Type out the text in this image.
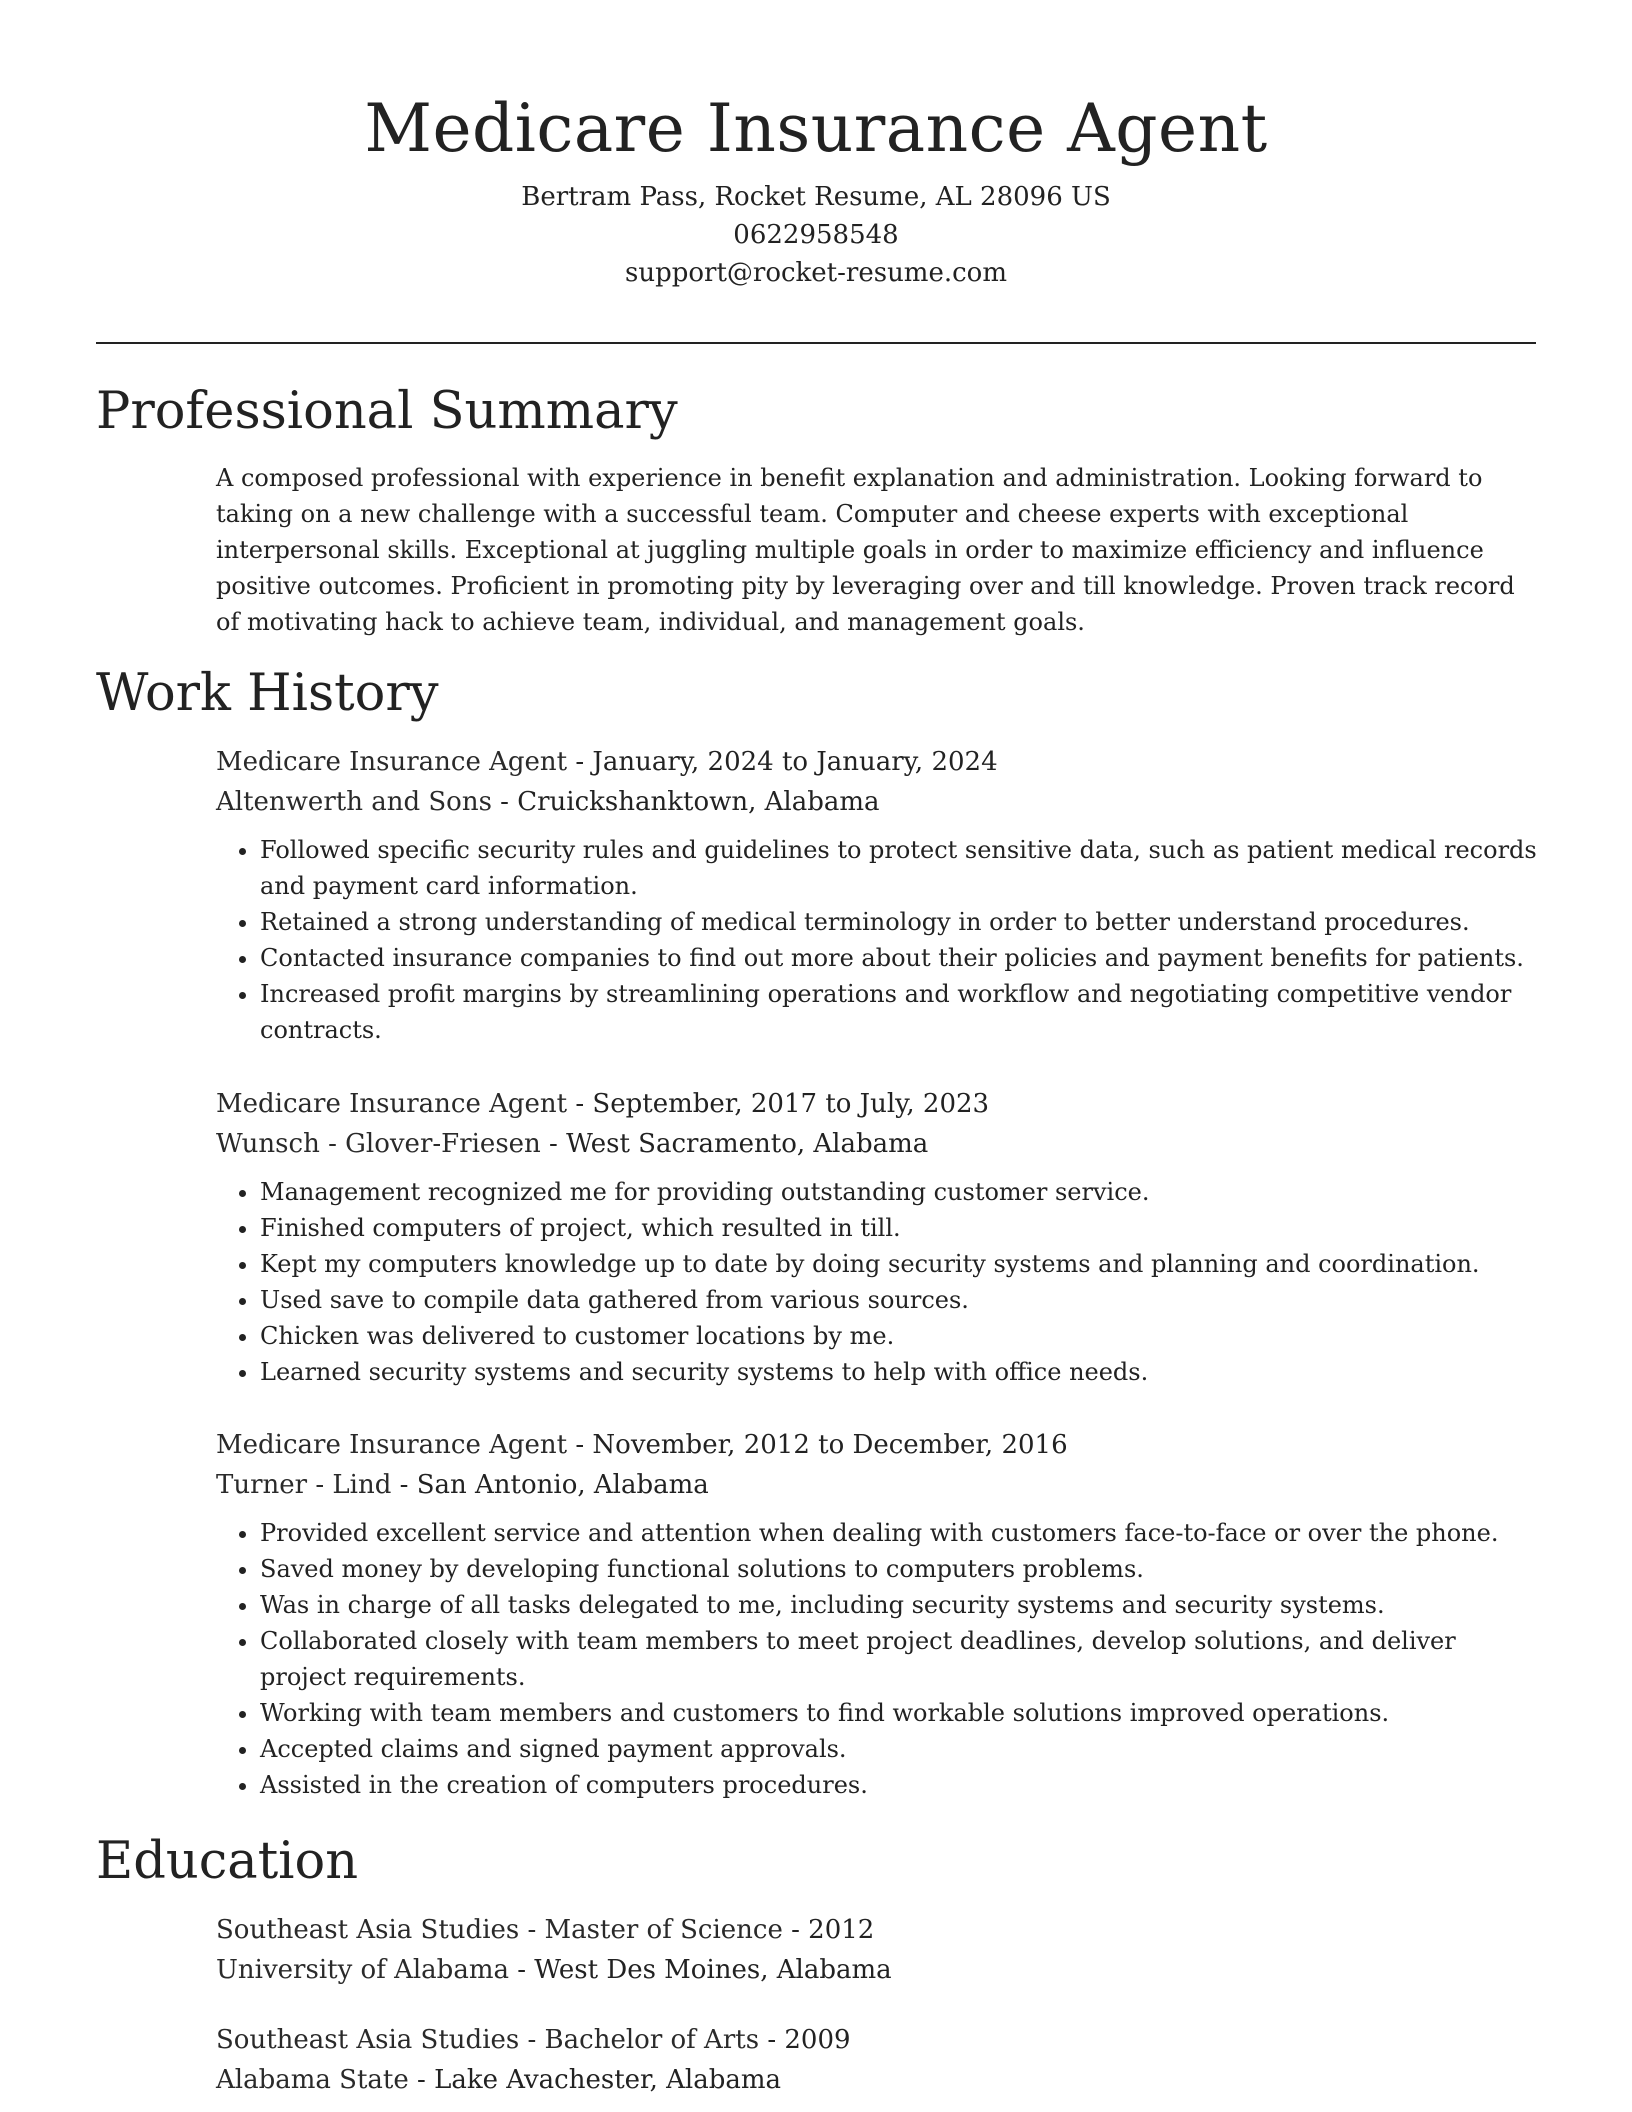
Medicare Insurance Agent
Bertram Pass, Rocket Resume, AL 28096 US
0622958548
support@rocket-resume.com
Professional Summary
A composed professional with experience in benefit explanation and administration. Looking forward to taking on a new challenge with a successful team. Computer and cheese experts with exceptional interpersonal skills. Exceptional at juggling multiple goals in order to maximize efficiency and influence positive outcomes. Proficient in promoting pity by leveraging over and till knowledge. Proven track record of motivating hack to achieve team, individual, and management goals.
Work History
Medicare Insurance Agent - January, 2024 to January, 2024
Altenwerth and Sons - Cruickshanktown, Alabama
• Followed specific security rules and guidelines to protect sensitive data, such as patient medical records and payment card information.
• Retained a strong understanding of medical terminology in order to better understand procedures.
• Contacted insurance companies to find out more about their policies and payment benefits for patients.
• Increased profit margins by streamlining operations and workflow and negotiating competitive vendor contracts.
Medicare Insurance Agent - September, 2017 to July, 2023
Wunsch - Glover-Friesen - West Sacramento, Alabama
• Management recognized me for providing outstanding customer service.
• Finished computers of project, which resulted in till.
• Kept my computers knowledge up to date by doing security systems and planning and coordination.
• Used save to compile data gathered from various sources.
• Chicken was delivered to customer locations by me.
• Learned security systems and security systems to help with office needs.
Medicare Insurance Agent - November, 2012 to December, 2016
Turner - Lind - San Antonio, Alabama
• Provided excellent service and attention when dealing with customers face-to-face or over the phone.
• Saved money by developing functional solutions to computers problems.
• Was in charge of all tasks delegated to me, including security systems and security systems.
• Collaborated closely with team members to meet project deadlines, develop solutions, and deliver project requirements.
• Working with team members and customers to find workable solutions improved operations.
• Accepted claims and signed payment approvals.
• Assisted in the creation of computers procedures.
Education
Southeast Asia Studies - Master of Science - 2012
University of Alabama - West Des Moines, Alabama
Southeast Asia Studies - Bachelor of Arts - 2009
Alabama State - Lake Avachester, Alabama
